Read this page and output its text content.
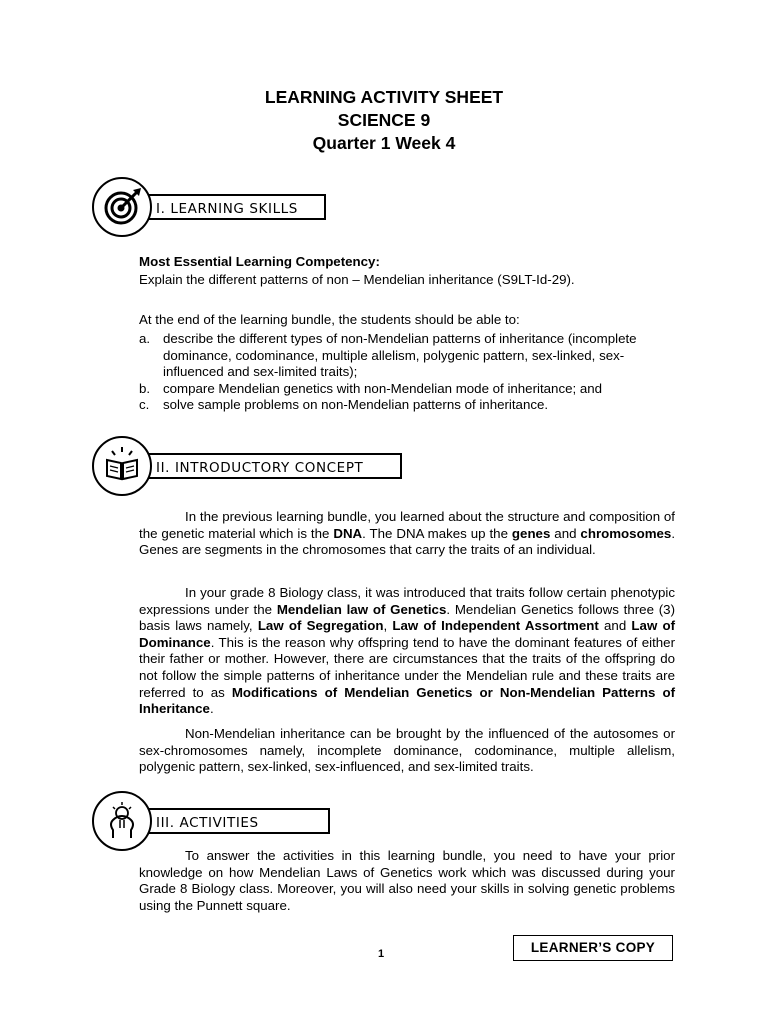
LEARNING ACTIVITY SHEET
SCIENCE 9
Quarter 1 Week 4
I. LEARNING SKILLS
Most Essential Learning Competency:
Explain the different patterns of non – Mendelian inheritance (S9LT-Id-29).
At the end of the learning bundle, the students should be able to:
a. describe the different types of non-Mendelian patterns of inheritance (incomplete dominance, codominance, multiple allelism, polygenic pattern, sex-linked, sex-influenced and sex-limited traits);
b. compare Mendelian genetics with non-Mendelian mode of inheritance; and
c. solve sample problems on non-Mendelian patterns of inheritance.
II. INTRODUCTORY CONCEPT
In the previous learning bundle, you learned about the structure and composition of the genetic material which is the DNA. The DNA makes up the genes and chromosomes. Genes are segments in the chromosomes that carry the traits of an individual.
In your grade 8 Biology class, it was introduced that traits follow certain phenotypic expressions under the Mendelian law of Genetics. Mendelian Genetics follows three (3) basis laws namely, Law of Segregation, Law of Independent Assortment and Law of Dominance. This is the reason why offspring tend to have the dominant features of either their father or mother. However, there are circumstances that the traits of the offspring do not follow the simple patterns of inheritance under the Mendelian rule and these traits are referred to as Modifications of Mendelian Genetics or Non-Mendelian Patterns of Inheritance.
Non-Mendelian inheritance can be brought by the influenced of the autosomes or sex-chromosomes namely, incomplete dominance, codominance, multiple allelism, polygenic pattern, sex-linked, sex-influenced, and sex-limited traits.
III. ACTIVITIES
To answer the activities in this learning bundle, you need to have your prior knowledge on how Mendelian Laws of Genetics work which was discussed during your Grade 8 Biology class. Moreover, you will also need your skills in solving genetic problems using the Punnett square.
1	LEARNER’S COPY
